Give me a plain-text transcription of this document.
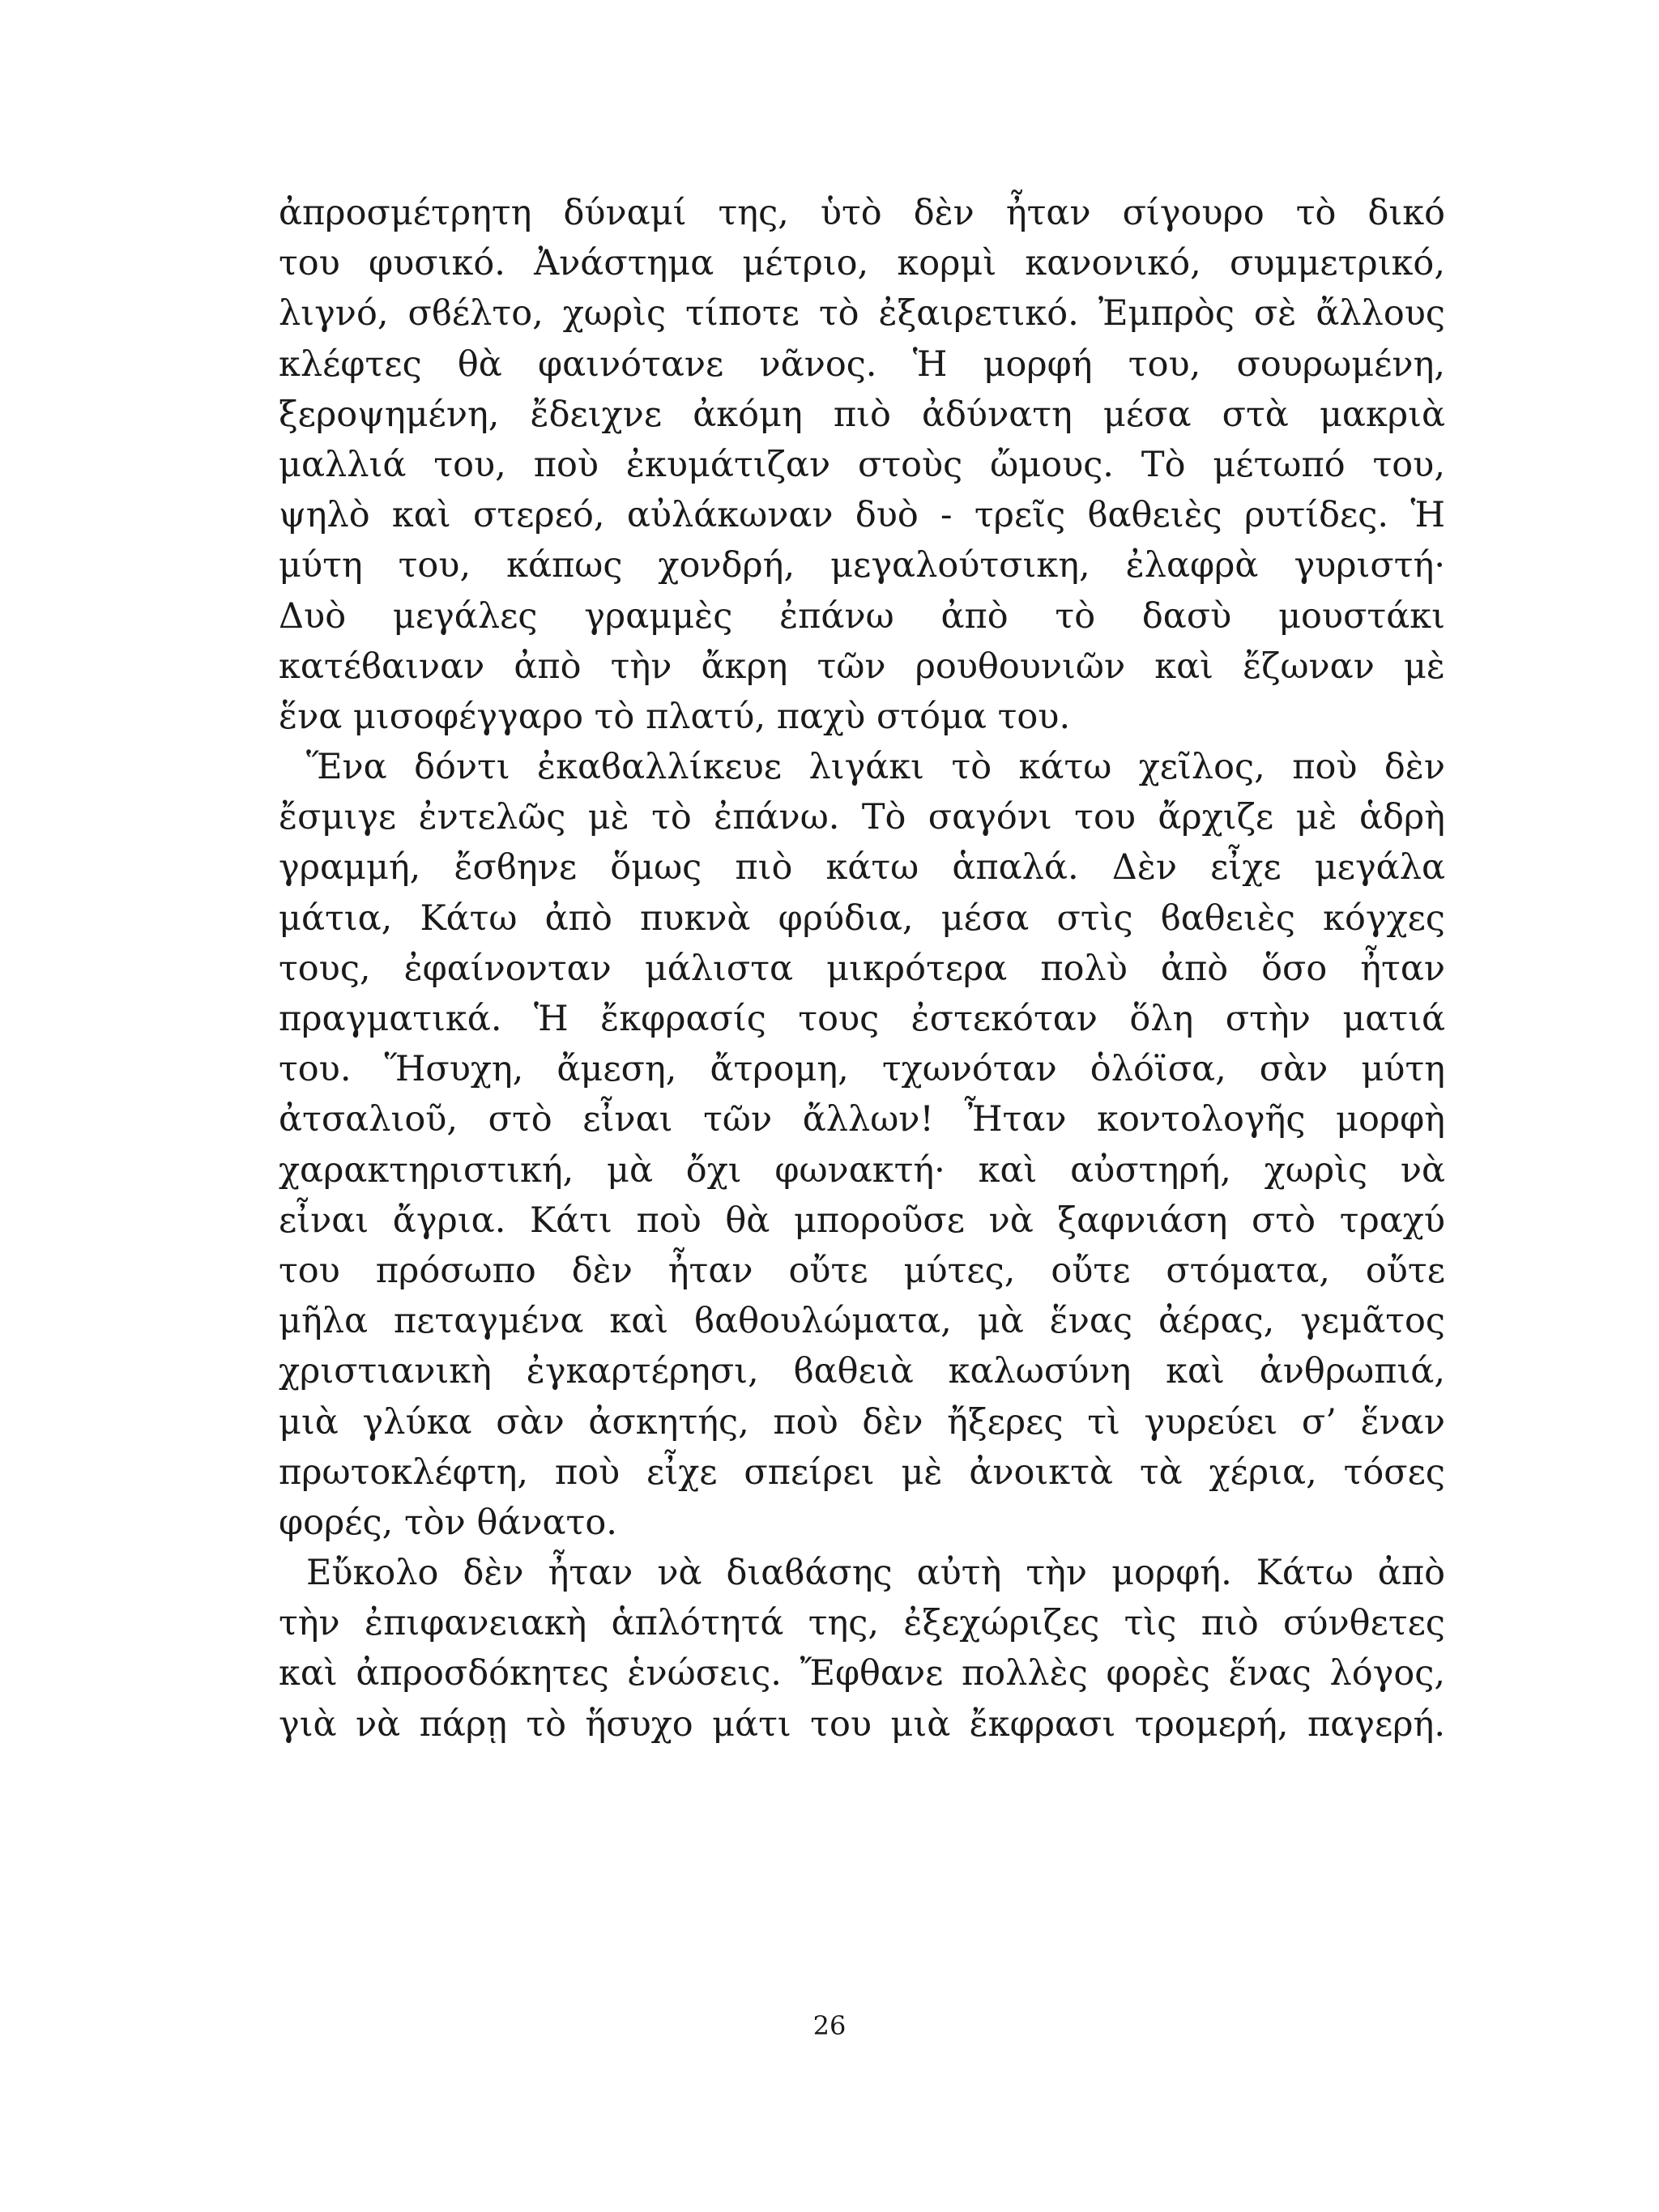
ἀπροσμέτρητη δύναμί της, ὑτὸ δὲν ἦταν σίγουρο τὸ δικό
του φυσικό. Ἀνάστημα μέτριο, κορμὶ κανονικό, συμμετρικό,
λιγνό, σϐέλτο, χωρὶς τίποτε τὸ ἐξαιρετικό. Ἐμπρὸς σὲ ἄλλους
κλέφτες θὰ φαινότανε νᾶνος. Ἡ μορφή του, σουρωμένη,
ξεροψημένη, ἔδειχνε ἀκόμη πιὸ ἀδύνατη μέσα στὰ μακριὰ
μαλλιά του, ποὺ ἐκυμάτιζαν στοὺς ὤμους. Τὸ μέτωπό του,
ψηλὸ καὶ στερεό, αὐλάκωναν δυὸ - τρεῖς ϐαθειὲς ρυτίδες. Ἡ
μύτη του, κάπως χονδρή, μεγαλούτσικη, ἐλαφρὰ γυριστή·
Δυὸ μεγάλες γραμμὲς ἐπάνω ἀπὸ τὸ δασὺ μουστάκι
κατέϐαιναν ἀπὸ τὴν ἄκρη τῶν ρουθουνιῶν καὶ ἔζωναν μὲ
ἕνα μισοφέγγαρο τὸ πλατύ, παχὺ στόμα του.
Ἕνα δόντι ἐκαϐαλλίκευε λιγάκι τὸ κάτω χεῖλος, ποὺ δὲν
ἔσμιγε ἐντελῶς μὲ τὸ ἐπάνω. Τὸ σαγόνι του ἄρχιζε μὲ ἁδρὴ
γραμμή, ἔσϐηνε ὅμως πιὸ κάτω ἁπαλά. Δὲν εἶχε μεγάλα
μάτια, Κάτω ἀπὸ πυκνὰ φρύδια, μέσα στὶς ϐαθειὲς κόγχες
τους, ἐφαίνονταν μάλιστα μικρότερα πολὺ ἀπὸ ὅσο ἦταν
πραγματικά. Ἡ ἔκφρασίς τους ἐστεκόταν ὅλη στὴν ματιά
του. Ἥσυχη, ἄμεση, ἄτρομη, τχωνόταν ὁλόϊσα, σὰν μύτη
ἀτσαλιοῦ, στὸ εἶναι τῶν ἄλλων! Ἦταν κοντολογῆς μορφὴ
χαρακτηριστική, μὰ ὄχι φωνακτή· καὶ αὐστηρή, χωρὶς νὰ
εἶναι ἄγρια. Κάτι ποὺ θὰ μποροῦσε νὰ ξαφνιάση στὸ τραχύ
του πρόσωπο δὲν ἦταν οὔτε μύτες, οὔτε στόματα, οὔτε
μῆλα πεταγμένα καὶ ϐαθουλώματα, μὰ ἕνας ἀέρας, γεμᾶτος
χριστιανικὴ ἐγκαρτέρησι, ϐαθειὰ καλωσύνη καὶ ἀνθρωπιά,
μιὰ γλύκα σὰν ἀσκητής, ποὺ δὲν ἤξερες τὶ γυρεύει σ’ ἕναν
πρωτοκλέφτη, ποὺ εἶχε σπείρει μὲ ἀνοικτὰ τὰ χέρια, τόσες
φορές, τὸν θάνατο.
Εὔκολο δὲν ἦταν νὰ διαϐάσης αὐτὴ τὴν μορφή. Κάτω ἀπὸ
τὴν ἐπιφανειακὴ ἁπλότητά της, ἐξεχώριζες τὶς πιὸ σύνθετες
καὶ ἀπροσδόκητες ἑνώσεις. Ἔφθανε πολλὲς φορὲς ἕνας λόγος,
γιὰ νὰ πάρῃ τὸ ἥσυχο μάτι του μιὰ ἔκφρασι τρομερή, παγερή.
26
